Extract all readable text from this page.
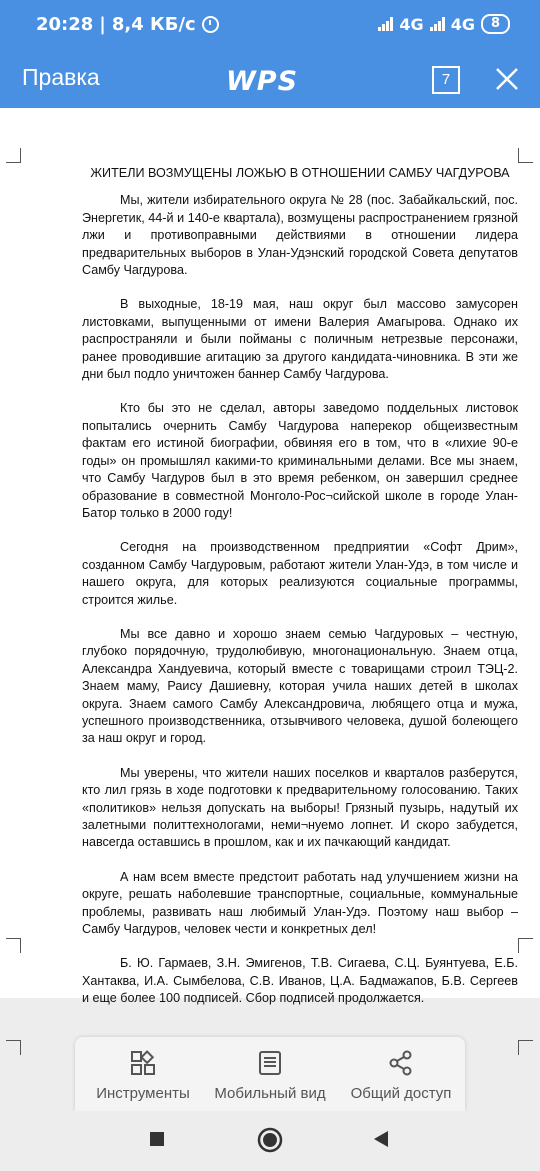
20:28 | 8,4 КБ/с	4G 4G	8
Правка	WPS	7
ЖИТЕЛИ ВОЗМУЩЕНЫ ЛОЖЬЮ В ОТНОШЕНИИ САМБУ ЧАГДУРОВА

Мы, жители избирательного округа № 28 (пос. Забайкальский, пос. Энергетик, 44-й и 140-е квартала), возмущены распространением грязной лжи и противоправными действиями в отношении лидера предварительных выборов в Улан-Удэнский городской Совета депутатов Самбу Чагдурова.

В выходные, 18-19 мая, наш округ был массово замусорен листовками, выпущенными от имени Валерия Амагырова. Однако их распространяли и были пойманы с поличным нетрезвые персонажи, ранее проводившие агитацию за другого кандидата-чиновника. В эти же дни был подло уничтожен баннер Самбу Чагдурова.

Кто бы это не сделал, авторы заведомо поддельных листовок попытались очернить Самбу Чагдурова наперекор общеизвестным фактам его истиной биографии, обвиняя его в том, что в «лихие 90-е годы» он промышлял какими-то криминальными делами. Все мы знаем, что Самбу Чагдуров был в это время ребенком, он завершил среднее образование в совместной Монголо-Рос¬сийской школе в городе Улан-Батор только в 2000 году!

Сегодня на производственном предприятии «Софт Дрим», созданном Самбу Чагдуровым, работают жители Улан-Удэ, в том числе и нашего округа, для которых реализуются социальные программы, строится жилье.

Мы все давно и хорошо знаем семью Чагдуровых – честную, глубоко порядочную, трудолюбивую, многонациональную. Знаем отца, Александра Хандуевича, который вместе с товарищами строил ТЭЦ-2. Знаем маму, Раису Дашиевну, которая учила наших детей в школах округа. Знаем самого Самбу Александровича, любящего отца и мужа, успешного производственника, отзывчивого человека, душой болеющего за наш округ и город.

Мы уверены, что жители наших поселков и кварталов разберутся, кто лил грязь в ходе подготовки к предварительному голосованию. Таких «политиков» нельзя допускать на выборы! Грязный пузырь, надутый их залетными политтехнологами, неми¬нуемо лопнет. И скоро забудется, навсегда оставшись в прошлом, как и их пачкающий кандидат.

А нам всем вместе предстоит работать над улучшением жизни на округе, решать наболевшие транспортные, социальные, коммунальные проблемы, развивать наш любимый Улан-Удэ. Поэтому наш выбор – Самбу Чагдуров, человек чести и конкретных дел!

Б. Ю. Гармаев, З.Н. Эмигенов, Т.В. Сигаева, С.Ц. Буянтуева, Е.Б. Хантаква, И.А. Сымбелова, С.В. Иванов, Ц.А. Бадмажапов, Б.В. Сергеев и еще более 100 подписей. Сбор подписей продолжается.

Инструменты Мобильный вид Общий доступ
